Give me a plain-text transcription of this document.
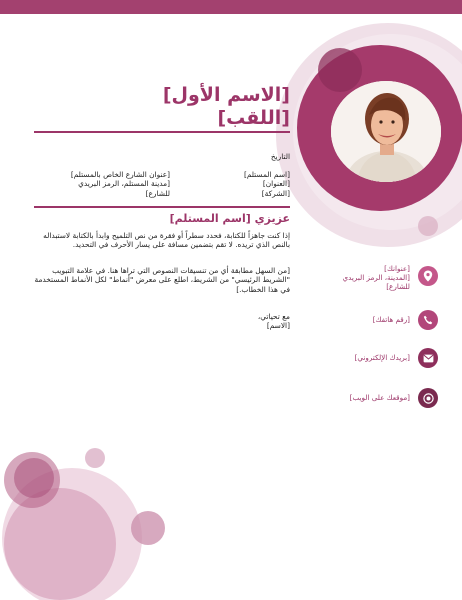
[الاسم الأول]
[اللقب]
التاريخ
[اسم المستلم]
[العنوان]
[الشركة]
[عنوان الشارع الخاص بالمستلم]
[مدينة المستلم، الرمز البريدي
للشارع]
عزيزي [اسم المستلم]
إذا كنت جاهزاً للكتابة، فحدد سطراً أو فقرة من نص التلميح وابدأ بالكتابة لاستبداله بالنص الذي تريده. لا تقم بتضمين مسافة على يسار الأحرف في التحديد.
[من السهل مطابقة أي من تنسيقات النصوص التي تراها هنا. في علامة التبويب "الشريط الرئيسي" من الشريط، اطلع على معرض "أنماط" لكل الأنماط المستخدمة في هذا الخطاب.]
مع تحياتي،
[الاسم]
[عنوانك]
[المدينة، الرمز البريدي
للشارع]
[رقم هاتفك]
[بريدك الإلكتروني]
[موقعك على الويب]
